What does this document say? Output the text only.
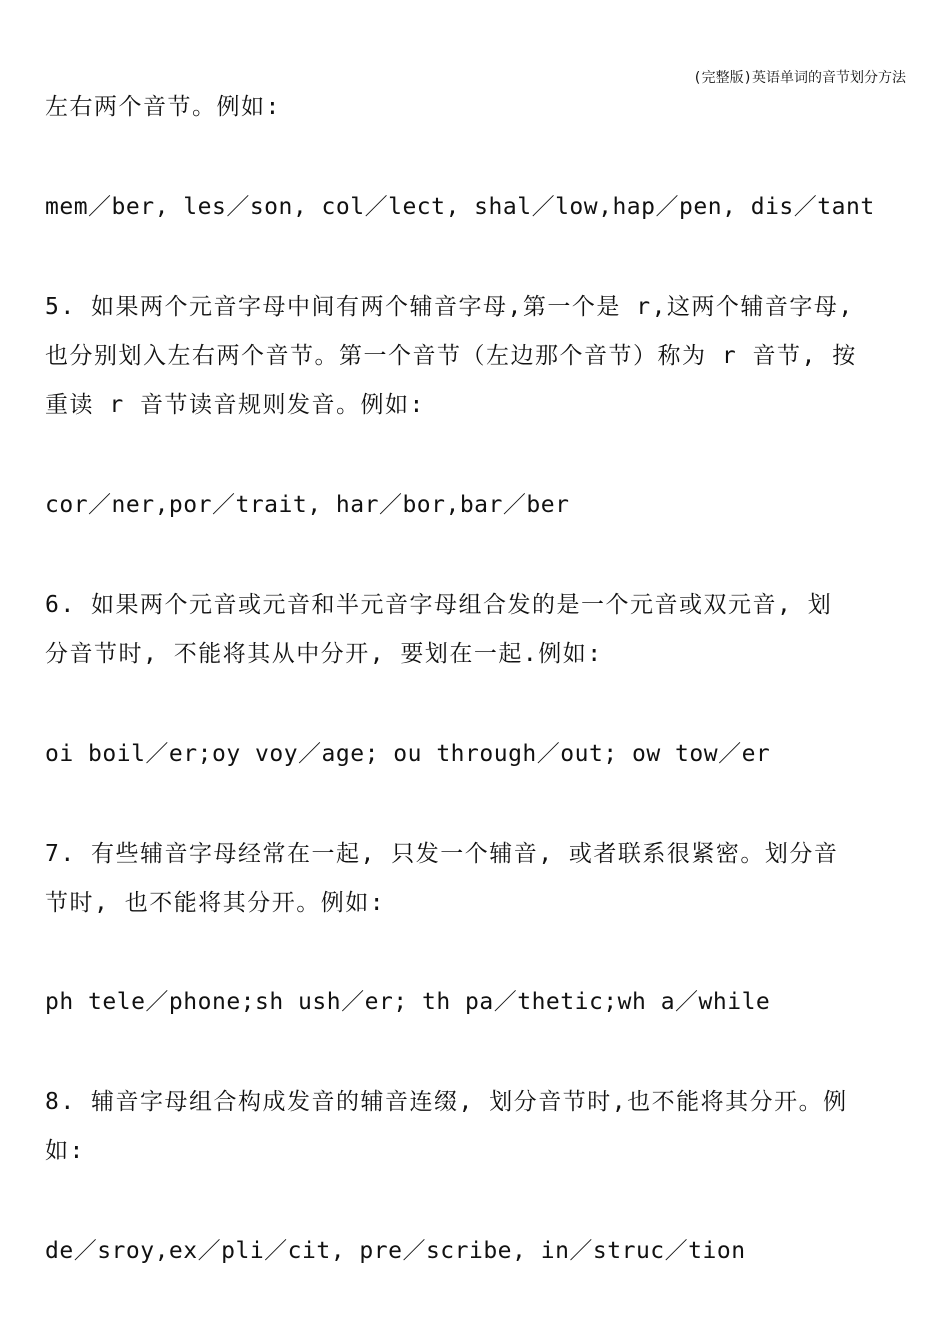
(完整版)英语单词的音节划分方法
左右两个音节。例如:
mem／ber, les／son, col／lect, shal／low,hap／pen, dis／tant
5. 如果两个元音字母中间有两个辅音字母,第一个是 r,这两个辅音字母,
也分别划入左右两个音节。第一个音节（左边那个音节）称为 r 音节, 按
重读 r 音节读音规则发音。例如:
cor／ner,por／trait, har／bor,bar／ber
6. 如果两个元音或元音和半元音字母组合发的是一个元音或双元音, 划
分音节时, 不能将其从中分开, 要划在一起.例如:
oi boil／er;oy voy／age; ou through／out; ow tow／er
7. 有些辅音字母经常在一起, 只发一个辅音, 或者联系很紧密。划分音
节时, 也不能将其分开。例如:
ph tele／phone;sh ush／er; th pa／thetic;wh a／while
8. 辅音字母组合构成发音的辅音连缀, 划分音节时,也不能将其分开。例
如:
de／sroy,ex／pli／cit, pre／scribe, in／struc／tion
